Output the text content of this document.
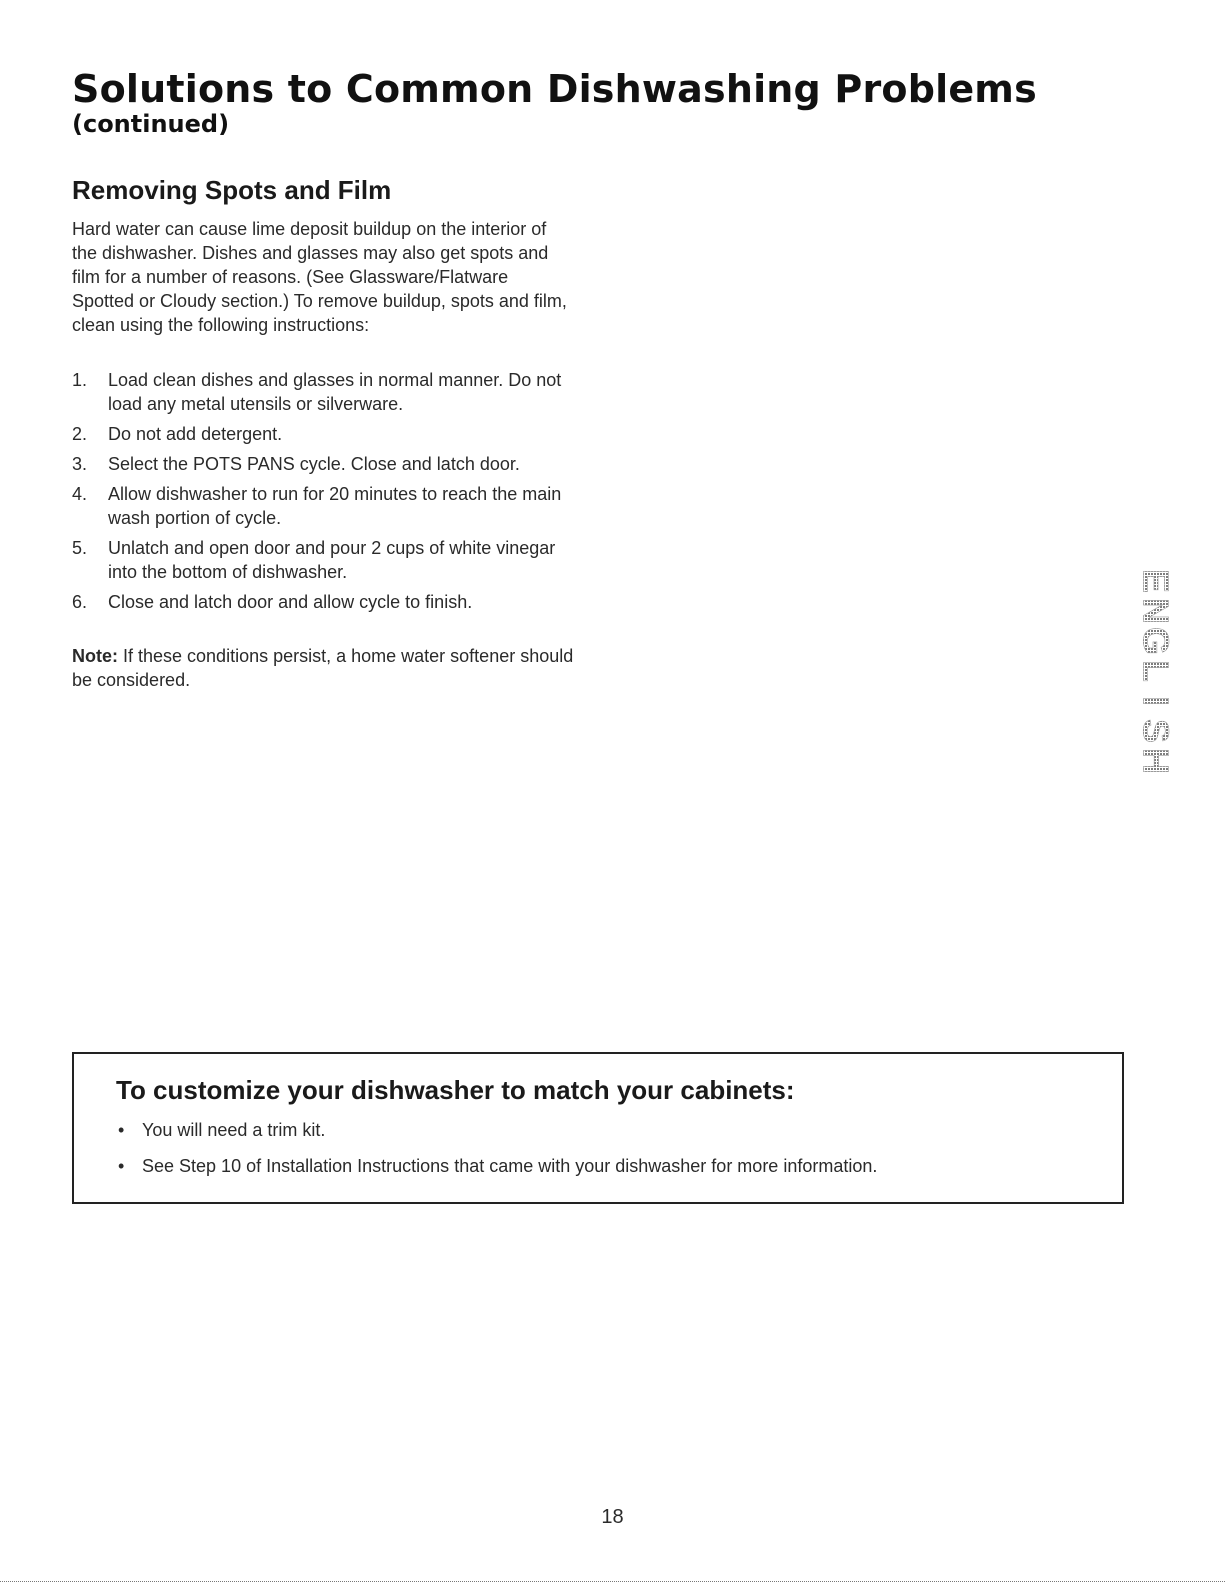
Solutions to Common Dishwashing Problems
(continued)
Removing Spots and Film

Hard water can cause lime deposit buildup on the interior of the dishwasher. Dishes and glasses may also get spots and film for a number of reasons. (See Glassware/Flatware Spotted or Cloudy section.) To remove buildup, spots and film, clean using the following instructions:

1. Load clean dishes and glasses in normal manner. Do not load any metal utensils or silverware.
2. Do not add detergent.
3. Select the POTS PANS cycle. Close and latch door.
4. Allow dishwasher to run for 20 minutes to reach the main wash portion of cycle.
5. Unlatch and open door and pour 2 cups of white vinegar into the bottom of dishwasher.
6. Close and latch door and allow cycle to finish.

Note: If these conditions persist, a home water softener should be considered.

E
N
G
L
I
S
H
To customize your dishwasher to match your cabinets:
• You will need a trim kit.
• See Step 10 of Installation Instructions that came with your dishwasher for more information.
18
